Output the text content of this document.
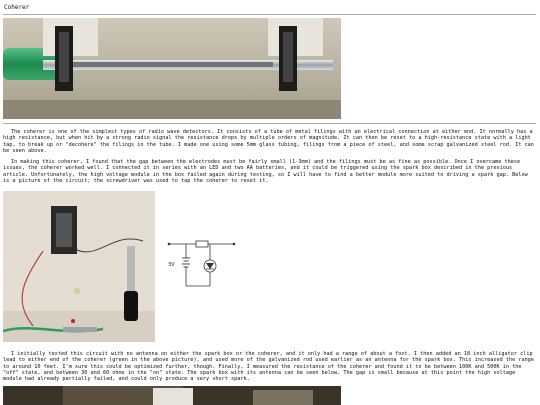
Coherer

The coherer is one of the simplest types of radio wave detectors. It consists of a tube of metal filings with an electrical connection at either end. It normally has a high resistance, but when hit by a strong radio signal the resistance drops by multiple orders of magnitude. It can then be reset to a high-resistance state with a light tap, to break up or "decohere" the filings in the tube. I made one using some 5mm glass tubing, filings from a piece of steel, and some scrap galvanized steel rod. It can be seen above.

In making this coherer, I found that the gap between the electrodes must be fairly small (1-3mm) and the filings must be as fine as possible. Once I overcame these issues, the coherer worked well. I connected it in series with an LED and two AA batteries, and it could be triggered using the spark box described in the previous article. Unfortunately, the high voltage module in the box failed again during testing, so I will have to find a better module more suited to driving a spark gap. Below is a picture of the circuit; the screwdriver was used to tap the coherer to reset it.

3V

I initially tested this circuit with no antenna on either the spark box or the coherer, and it only had a range of about a foot. I then added an 18 inch alligator clip lead to either end of the coherer (green in the above picture), and used more of the galvanized rod used earlier as an antenna for the spark box. This increased the range to around 10 feet. I'm sure this could be optimized further, though. Finally, I measured the resistance of the coherer and found it to be between 100K and 500K in the "off" state, and between 30 and 60 ohms in the "on" state. The spark box with its antenna can be seen below. The gap is small because at this point the high voltage module had already partially failed, and could only produce a very short spark.
